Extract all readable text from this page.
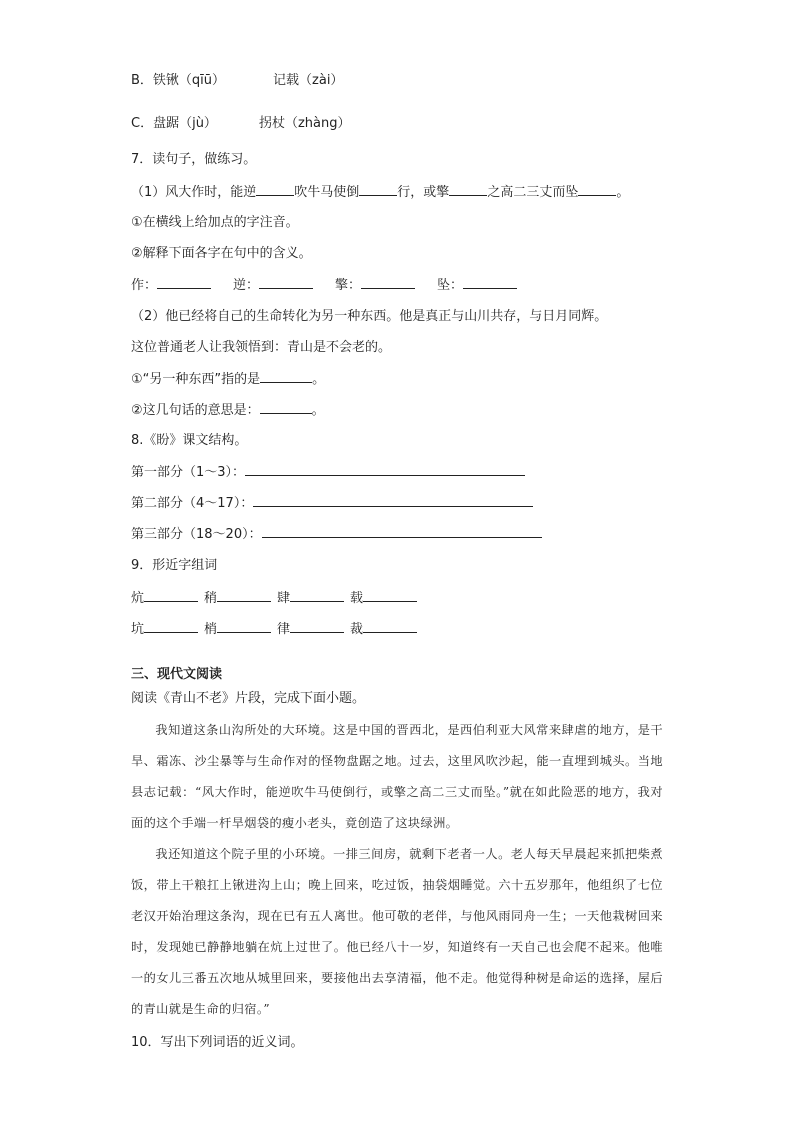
B．铁锹（qīū）	记载（zài）
C．盘踞（jù）	拐杖（zhàng）
7．读句子，做练习。
（1）风大作时，能逆	吹牛马使倒	行，或擎	之高二三丈而坠	。
①在横线上给加点的字注音。
②解释下面各字在句中的含义。
作：	逆：	擎：	坠：
（2）他已经将自己的生命转化为另一种东西。他是真正与山川共存，与日月同辉。
这位普通老人让我领悟到：青山是不会老的。
①“另一种东西”指的是	。
②这几句话的意思是：	。
8.《盼》课文结构。
第一部分（1～3）：
第二部分（4～17）：
第三部分（18～20）：
9．形近字组词
炕	稍	肆	载
坑	梢	律	裁
三、现代文阅读
阅读《青山不老》片段，完成下面小题。
我知道这条山沟所处的大环境。这是中国的晋西北，是西伯利亚大风常来肆虐的地方，是干旱、霜冻、沙尘暴等与生命作对的怪物盘踞之地。过去，这里风吹沙起，能一直埋到城头。当地县志记载：“风大作时，能逆吹牛马使倒行，或擎之高二三丈而坠。”就在如此险恶的地方，我对面的这个手端一杆旱烟袋的瘦小老头，竟创造了这块绿洲。
我还知道这个院子里的小环境。一排三间房，就剩下老者一人。老人每天早晨起来抓把柴煮饭，带上干粮扛上锹进沟上山；晚上回来，吃过饭，抽袋烟睡觉。六十五岁那年，他组织了七位老汉开始治理这条沟，现在已有五人离世。他可敬的老伴，与他风雨同舟一生；一天他栽树回来时，发现她已静静地躺在炕上过世了。他已经八十一岁，知道终有一天自己也会爬不起来。他唯一的女儿三番五次地从城里回来，要接他出去享清福，他不走。他觉得种树是命运的选择，屋后的青山就是生命的归宿。”
10．写出下列词语的近义词。
